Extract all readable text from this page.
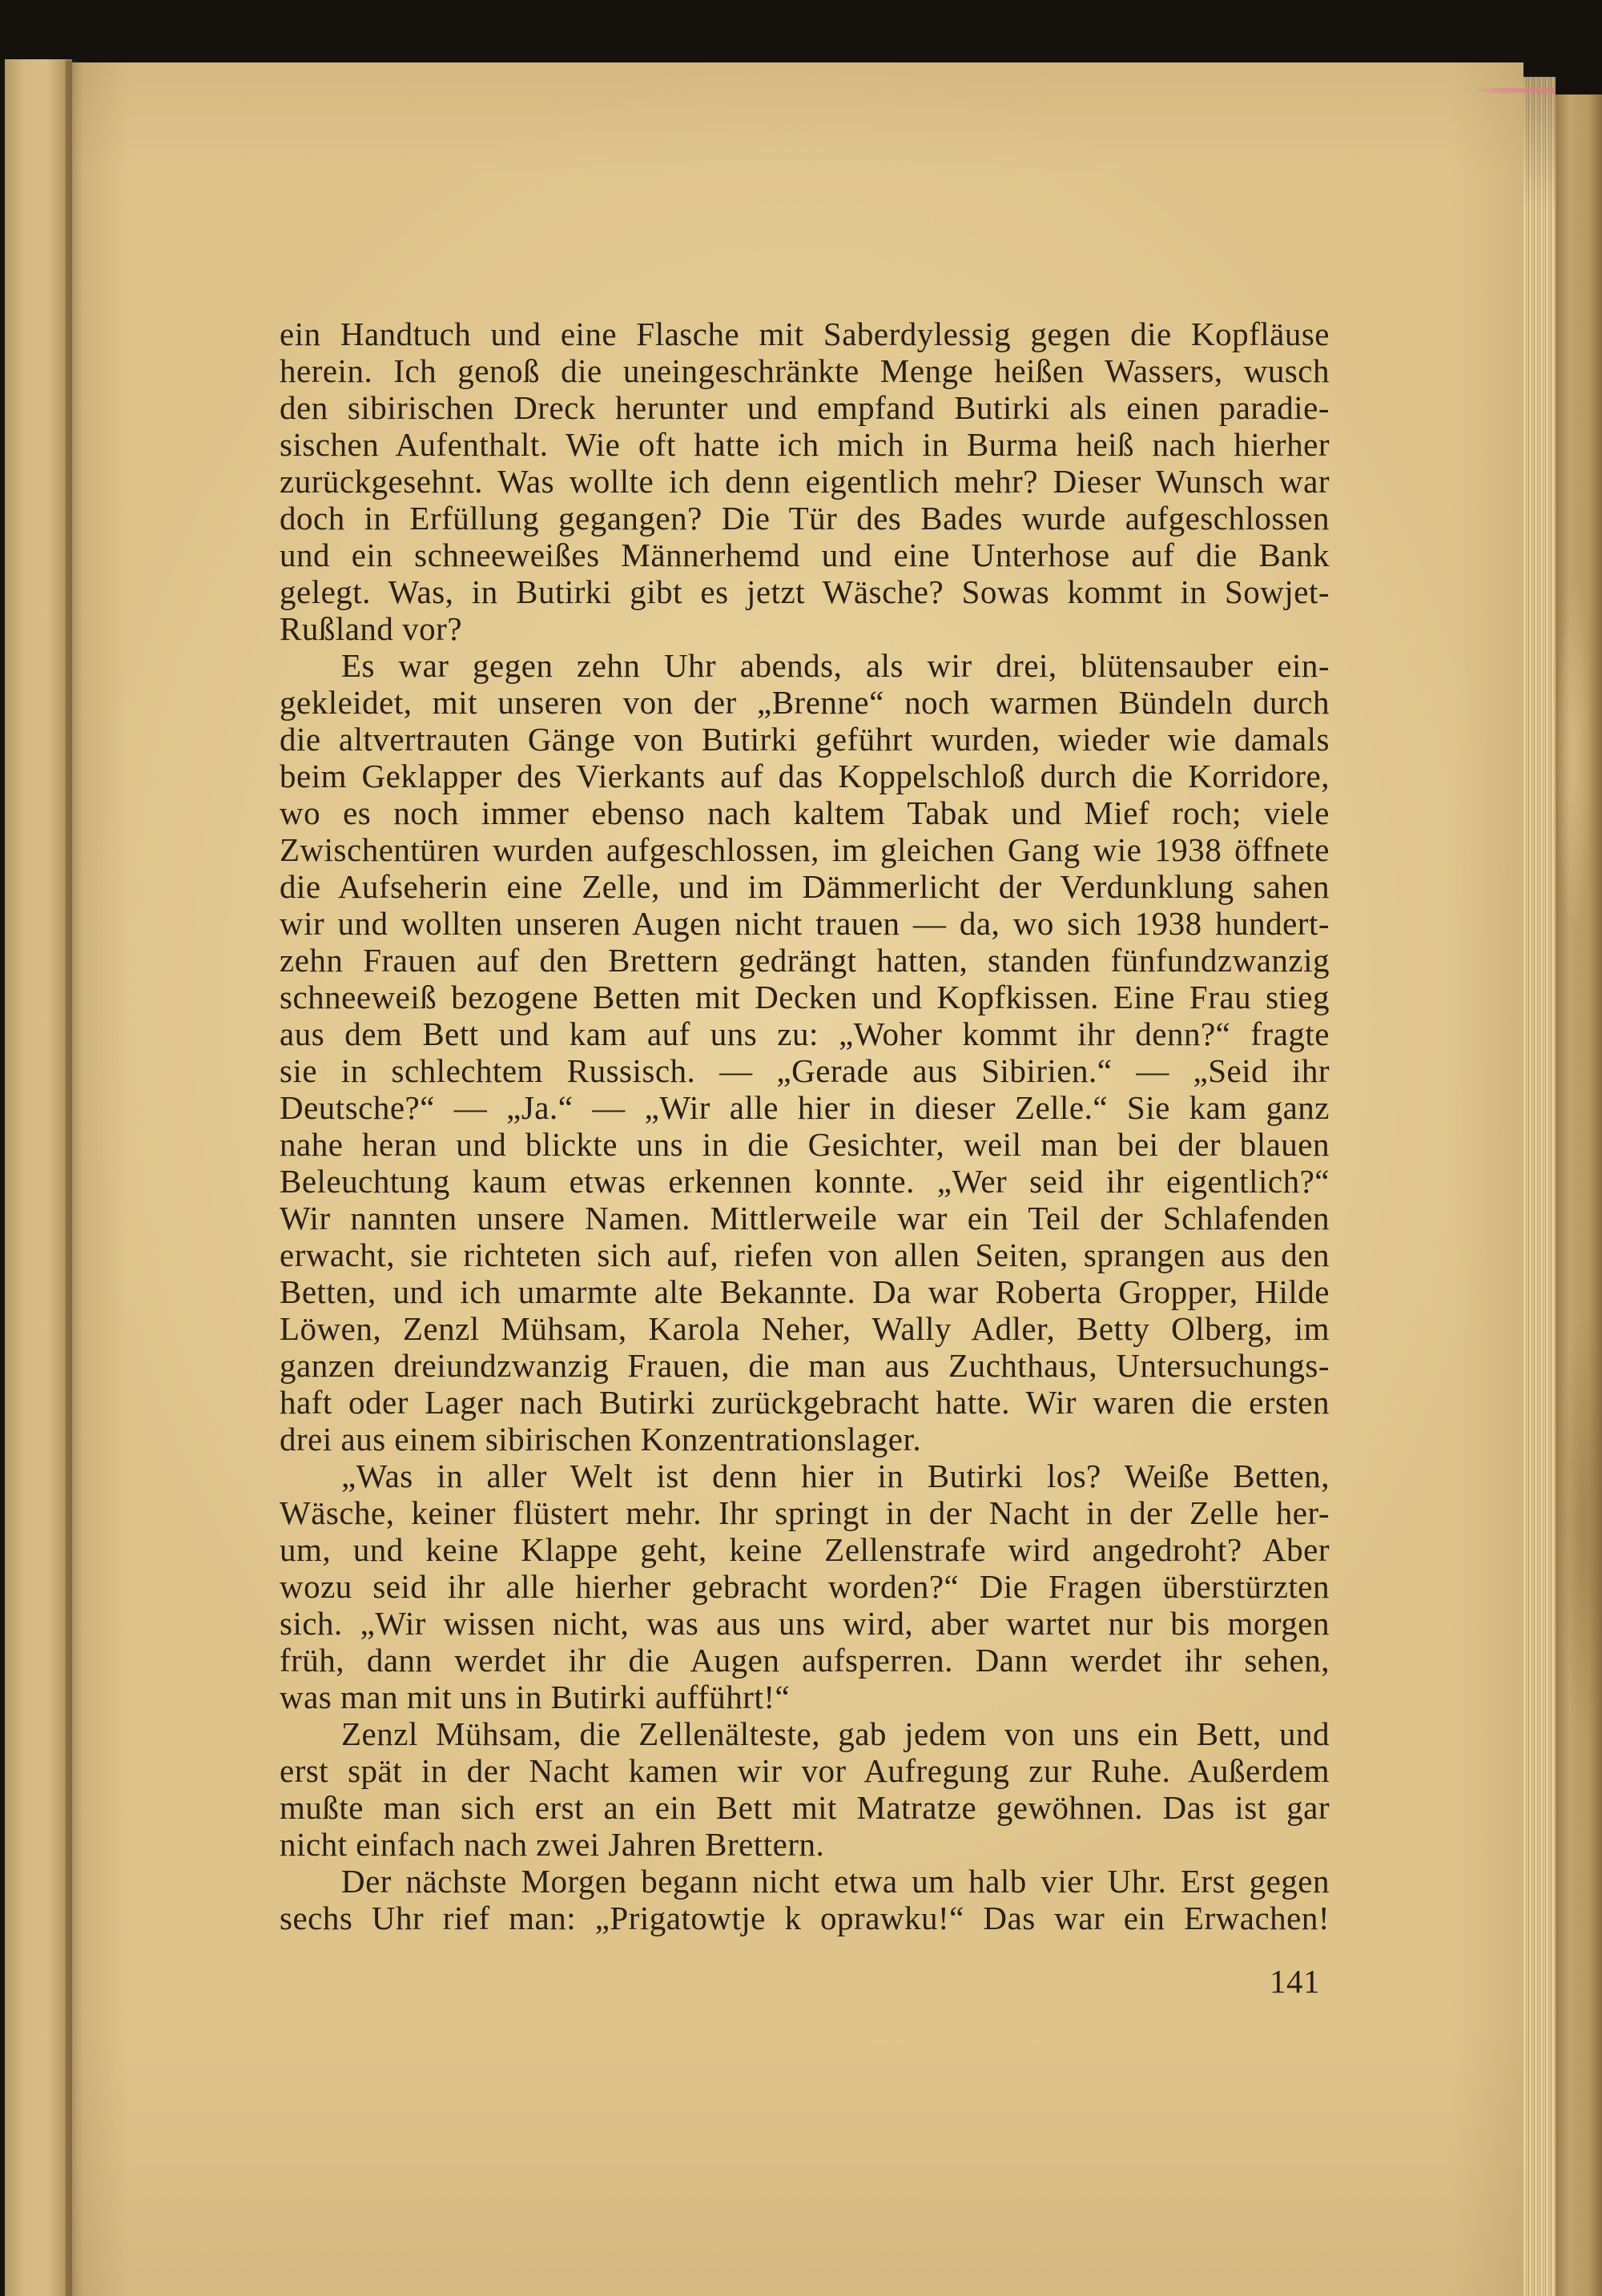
ein Handtuch und eine Flasche mit Saberdylessig gegen die Kopfläuse
herein. Ich genoß die uneingeschränkte Menge heißen Wassers, wusch
den sibirischen Dreck herunter und empfand Butirki als einen paradie-
sischen Aufenthalt. Wie oft hatte ich mich in Burma heiß nach hierher
zurückgesehnt. Was wollte ich denn eigentlich mehr? Dieser Wunsch war
doch in Erfüllung gegangen? Die Tür des Bades wurde aufgeschlossen
und ein schneeweißes Männerhemd und eine Unterhose auf die Bank
gelegt. Was, in Butirki gibt es jetzt Wäsche? Sowas kommt in Sowjet-
Rußland vor?
Es war gegen zehn Uhr abends, als wir drei, blütensauber ein-
gekleidet, mit unseren von der „Brenne“ noch warmen Bündeln durch
die altvertrauten Gänge von Butirki geführt wurden, wieder wie damals
beim Geklapper des Vierkants auf das Koppelschloß durch die Korridore,
wo es noch immer ebenso nach kaltem Tabak und Mief roch; viele
Zwischentüren wurden aufgeschlossen, im gleichen Gang wie 1938 öffnete
die Aufseherin eine Zelle, und im Dämmerlicht der Verdunklung sahen
wir und wollten unseren Augen nicht trauen — da, wo sich 1938 hundert-
zehn Frauen auf den Brettern gedrängt hatten, standen fünfundzwanzig
schneeweiß bezogene Betten mit Decken und Kopfkissen. Eine Frau stieg
aus dem Bett und kam auf uns zu: „Woher kommt ihr denn?“ fragte
sie in schlechtem Russisch. — „Gerade aus Sibirien.“ — „Seid ihr
Deutsche?“ — „Ja.“ — „Wir alle hier in dieser Zelle.“ Sie kam ganz
nahe heran und blickte uns in die Gesichter, weil man bei der blauen
Beleuchtung kaum etwas erkennen konnte. „Wer seid ihr eigentlich?“
Wir nannten unsere Namen. Mittlerweile war ein Teil der Schlafenden
erwacht, sie richteten sich auf, riefen von allen Seiten, sprangen aus den
Betten, und ich umarmte alte Bekannte. Da war Roberta Gropper, Hilde
Löwen, Zenzl Mühsam, Karola Neher, Wally Adler, Betty Olberg, im
ganzen dreiundzwanzig Frauen, die man aus Zuchthaus, Untersuchungs-
haft oder Lager nach Butirki zurückgebracht hatte. Wir waren die ersten
drei aus einem sibirischen Konzentrationslager.
„Was in aller Welt ist denn hier in Butirki los? Weiße Betten,
Wäsche, keiner flüstert mehr. Ihr springt in der Nacht in der Zelle her-
um, und keine Klappe geht, keine Zellenstrafe wird angedroht? Aber
wozu seid ihr alle hierher gebracht worden?“ Die Fragen überstürzten
sich. „Wir wissen nicht, was aus uns wird, aber wartet nur bis morgen
früh, dann werdet ihr die Augen aufsperren. Dann werdet ihr sehen,
was man mit uns in Butirki aufführt!“
Zenzl Mühsam, die Zellenälteste, gab jedem von uns ein Bett, und
erst spät in der Nacht kamen wir vor Aufregung zur Ruhe. Außerdem
mußte man sich erst an ein Bett mit Matratze gewöhnen. Das ist gar
nicht einfach nach zwei Jahren Brettern.
Der nächste Morgen begann nicht etwa um halb vier Uhr. Erst gegen
sechs Uhr rief man: „Prigatowtje k oprawku!“ Das war ein Erwachen!
141
